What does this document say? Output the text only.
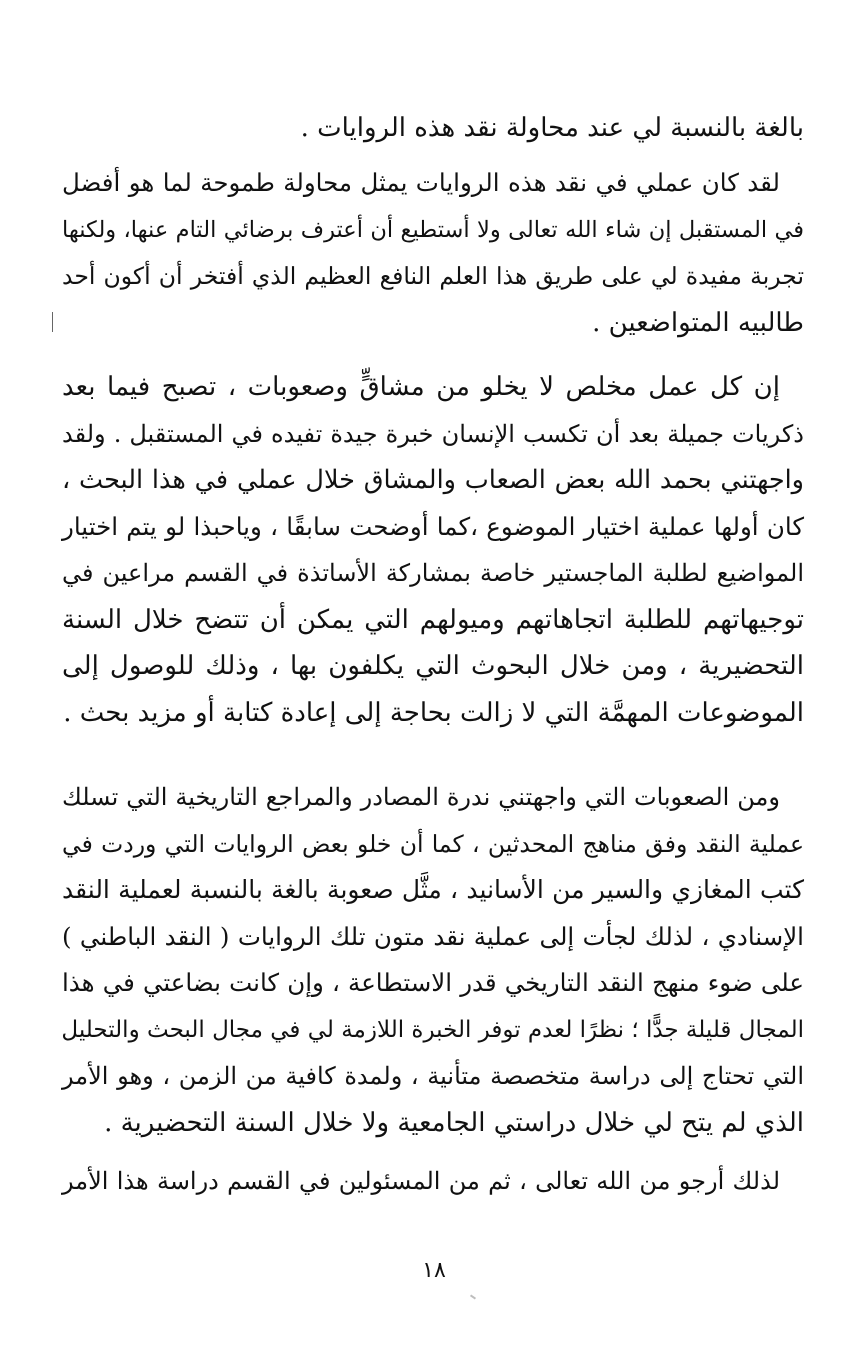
بالغة بالنسبة لي عند محاولة نقد هذه الروايات .
لقد كان عملي في نقد هذه الروايات يمثل محاولة طموحة لما هو أفضل
في المستقبل إن شاء الله تعالى ولا أستطيع أن أعترف برضائي التام عنها، ولكنها
تجربة مفيدة لي على طريق هذا العلم النافع العظيم الذي أفتخر أن أكون أحد
طالبيه المتواضعين .
إن كل عمل مخلص لا يخلو من مشاقٍّ وصعوبات ، تصبح فيما بعد
ذكريات جميلة بعد أن تكسب الإنسان خبرة جيدة تفيده في المستقبل . ولقد
واجهتني بحمد الله بعض الصعاب والمشاق خلال عملي في هذا البحث ،
كان أولها عملية اختيار الموضوع ،كما أوضحت سابقًا ، وياحبذا لو يتم اختيار
المواضيع لطلبة الماجستير خاصة بمشاركة الأساتذة في القسم مراعين في
توجيهاتهم للطلبة اتجاهاتهم وميولهم التي يمكن أن تتضح خلال السنة
التحضيرية ، ومن خلال البحوث التي يكلفون بها ، وذلك للوصول إلى
الموضوعات المهمَّة التي لا زالت بحاجة إلى إعادة كتابة أو مزيد بحث .
ومن الصعوبات التي واجهتني ندرة المصادر والمراجع التاريخية التي تسلك
عملية النقد وفق مناهج المحدثين ، كما أن خلو بعض الروايات التي وردت في
كتب المغازي والسير من الأسانيد ، مثَّل صعوبة بالغة بالنسبة لعملية النقد
الإسنادي ، لذلك لجأت إلى عملية نقد متون تلك الروايات ( النقد الباطني )
على ضوء منهج النقد التاريخي قدر الاستطاعة ، وإن كانت بضاعتي في هذا
المجال قليلة جدًّا ؛ نظرًا لعدم توفر الخبرة اللازمة لي في مجال البحث والتحليل
التي تحتاج إلى دراسة متخصصة متأنية ، ولمدة كافية من الزمن ، وهو الأمر
الذي لم يتح لي خلال دراستي الجامعية ولا خلال السنة التحضيرية .
لذلك أرجو من الله تعالى ، ثم من المسئولين في القسم دراسة هذا الأمر
١٨
